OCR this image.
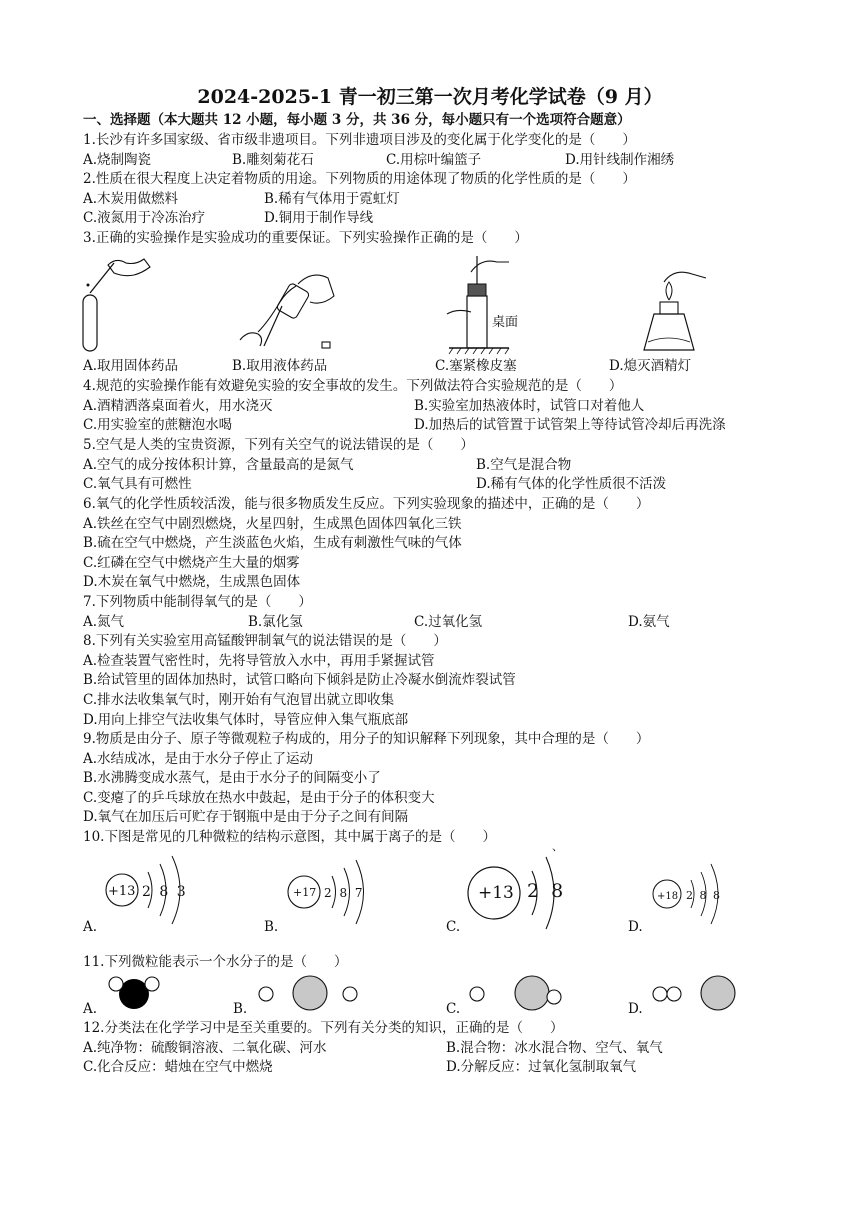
2024-2025-1 青一初三第一次月考化学试卷（9 月）
一、选择题（本大题共 12 小题，每小题 3 分，共 36 分，每小题只有一个选项符合题意）
1.长沙有许多国家级、省市级非遗项目。下列非遗项目涉及的变化属于化学变化的是（　　）
A.烧制陶瓷	B.雕刻菊花石	C.用棕叶编篮子	D.用针线制作湘绣
2.性质在很大程度上决定着物质的用途。下列物质的用途体现了物质的化学性质的是（　　）
A.木炭用做燃料	B.稀有气体用于霓虹灯
C.液氮用于冷冻治疗	D.铜用于制作导线
3.正确的实验操作是实验成功的重要保证。下列实验操作正确的是（　　）
桌面
A.取用固体药品	B.取用液体药品	C.塞紧橡皮塞	D.熄灭酒精灯
4.规范的实验操作能有效避免实验的安全事故的发生。下列做法符合实验规范的是（　　）
A.酒精洒落桌面着火，用水浇灭	B.实验室加热液体时，试管口对着他人
C.用实验室的蔗糖泡水喝	D.加热后的试管置于试管架上等待试管冷却后再洗涤
5.空气是人类的宝贵资源，下列有关空气的说法错误的是（　　）
A.空气的成分按体积计算，含量最高的是氮气	B.空气是混合物
C.氧气具有可燃性	D.稀有气体的化学性质很不活泼
6.氧气的化学性质较活泼，能与很多物质发生反应。下列实验现象的描述中，正确的是（　　）
A.铁丝在空气中剧烈燃烧，火星四射，生成黑色固体四氧化三铁
B.硫在空气中燃烧，产生淡蓝色火焰，生成有刺激性气味的气体
C.红磷在空气中燃烧产生大量的烟雾
D.木炭在氧气中燃烧，生成黑色固体
7.下列物质中能制得氧气的是（　　）
A.氮气	B.氯化氢	C.过氧化氢	D.氨气
8.下列有关实验室用高锰酸钾制氧气的说法错误的是（　　）
A.检查装置气密性时，先将导管放入水中，再用手紧握试管
B.给试管里的固体加热时，试管口略向下倾斜是防止冷凝水倒流炸裂试管
C.排水法收集氧气时，刚开始有气泡冒出就立即收集
D.用向上排空气法收集气体时，导管应伸入集气瓶底部
9.物质是由分子、原子等微观粒子构成的，用分子的知识解释下列现象，其中合理的是（　　）
A.水结成冰，是由于水分子停止了运动
B.水沸腾变成水蒸气，是由于水分子的间隔变小了
C.变瘪了的乒乓球放在热水中鼓起，是由于分子的体积变大
D.氧气在加压后可贮存于钢瓶中是由于分子之间有间隔
10.下图是常见的几种微粒的结构示意图，其中属于离子的是（　　）
、
+13 2 8 3	+17 2 8 7	+13 2 8	+18 2 8 8
A.	B.	C.	D.
11.下列微粒能表示一个水分子的是（　　）
A.	B.	C.	D.
12.分类法在化学学习中是至关重要的。下列有关分类的知识，正确的是（　　）
A.纯净物：硫酸铜溶液、二氧化碳、河水	B.混合物：冰水混合物、空气、氧气
C.化合反应：蜡烛在空气中燃烧	D.分解反应：过氧化氢制取氧气
